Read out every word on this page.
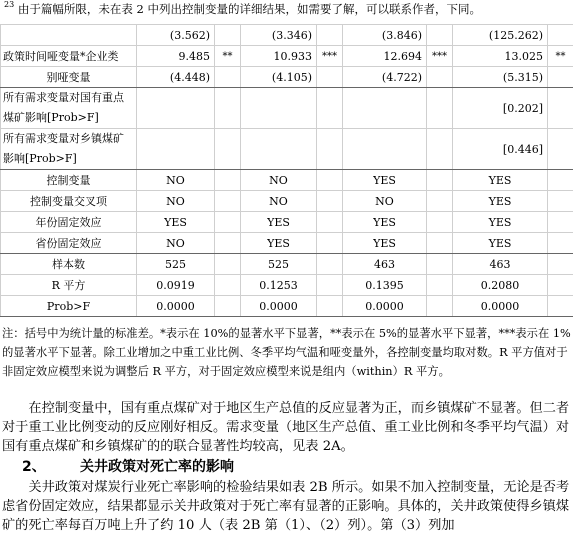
$^{23}$ 由于篇幅所限，未在表 2 中列出控制变量的详细结果，如需要了解，可以联系作者，下同。
	(3.562)		(3.346)		(3.846)		(125.262)	
政策时间哑变量*企业类	9.485	**	10.933	***	12.694	***	13.025	**
别哑变量	(4.448)		(4.105)		(4.722)		(5.315)	
所有需求变量对国有重点
煤矿影响[Prob>F]							[0.202]	
所有需求变量对乡镇煤矿
影响[Prob>F]							[0.446]	
控制变量	NO		NO		YES		YES	
控制变量交叉项	NO		NO		NO		YES	
年份固定效应	YES		YES		YES		YES	
省份固定效应	NO		YES		YES		YES	
样本数	525		525		463		463	
R 平方	0.0919		0.1253		0.1395		0.2080	
Prob>F	0.0000		0.0000		0.0000		0.0000	
注：括号中为统计量的标准差。*表示在 10%的显著水平下显著，**表示在 5%的显著水平下显著，***表示在 1%的显著水平下显著。除工业增加之中重工业比例、冬季平均气温和哑变量外，各控制变量均取对数。R 平方值对于非固定效应模型来说为调整后 R 平方，对于固定效应模型来说是组内（within）R 平方。
在控制变量中，国有重点煤矿对于地区生产总值的反应显著为正，而乡镇煤矿不显著。但二者对于重工业比例变动的反应刚好相反。需求变量（地区生产总值、重工业比例和冬季平均气温）对国有重点煤矿和乡镇煤矿的的联合显著性均较高，见表 2A。
2、 关井政策对死亡率的影响
关井政策对煤炭行业死亡率影响的检验结果如表 2B 所示。如果不加入控制变量，无论是否考虑省份固定效应，结果都显示关井政策对于死亡率有显著的正影响。具体的，关井政策使得乡镇煤矿的死亡率每百万吨上升了约 10 人（表 2B 第（1）、（2）列）。第（3）列加
